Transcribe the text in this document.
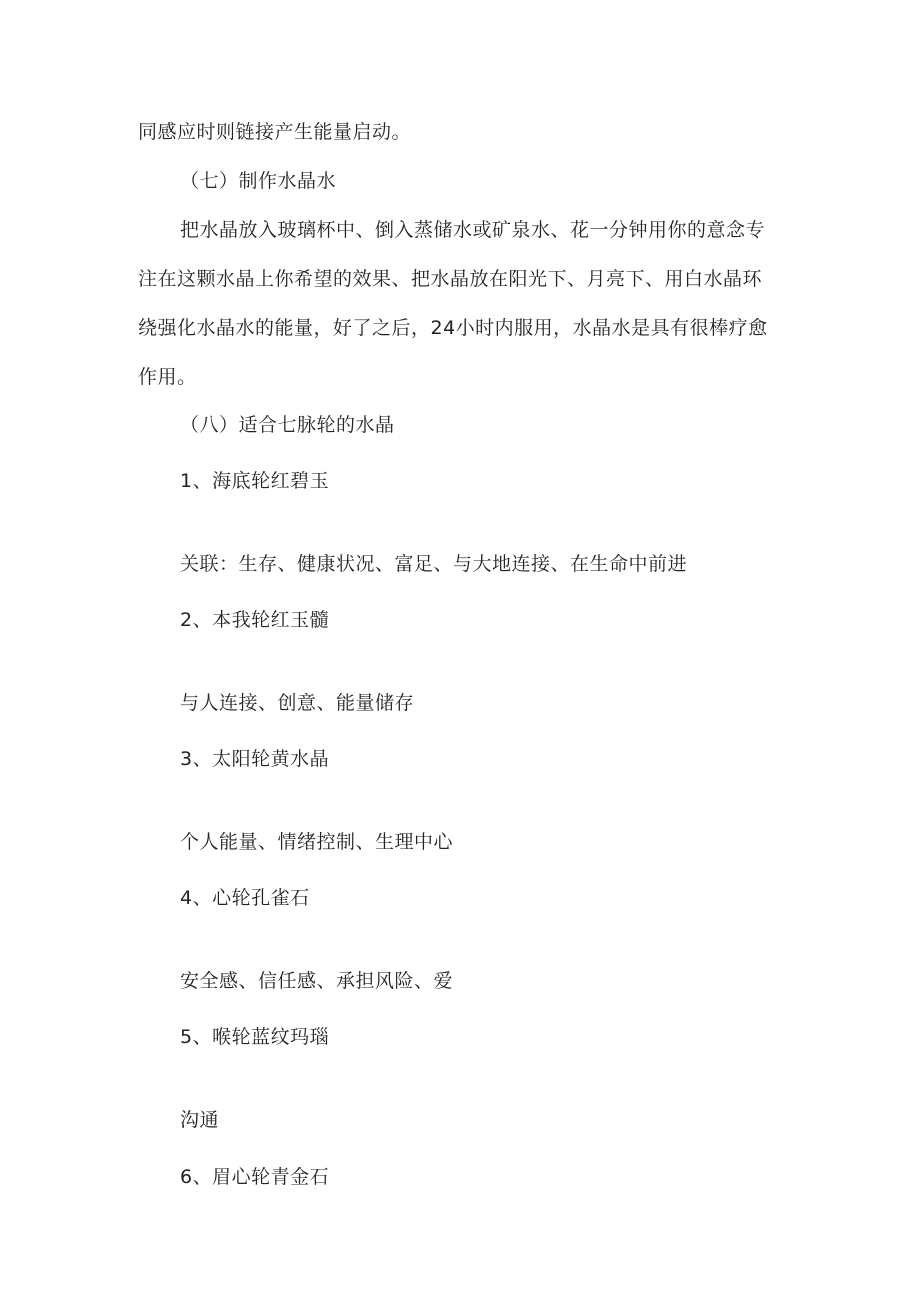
同感应时则链接产生能量启动。
（七）制作水晶水
把水晶放入玻璃杯中、倒入蒸储水或矿泉水、花一分钟用你的意念专
注在这颗水晶上你希望的效果、把水晶放在阳光下、月亮下、用白水晶环
绕强化水晶水的能量，好了之后，24小时内服用，水晶水是具有很棒疗愈
作用。
（八）适合七脉轮的水晶
1、海底轮红碧玉
关联：生存、健康状况、富足、与大地连接、在生命中前进
2、本我轮红玉髓
与人连接、创意、能量储存
3、太阳轮黄水晶
个人能量、情绪控制、生理中心
4、心轮孔雀石
安全感、信任感、承担风险、爱
5、喉轮蓝纹玛瑙
沟通
6、眉心轮青金石
